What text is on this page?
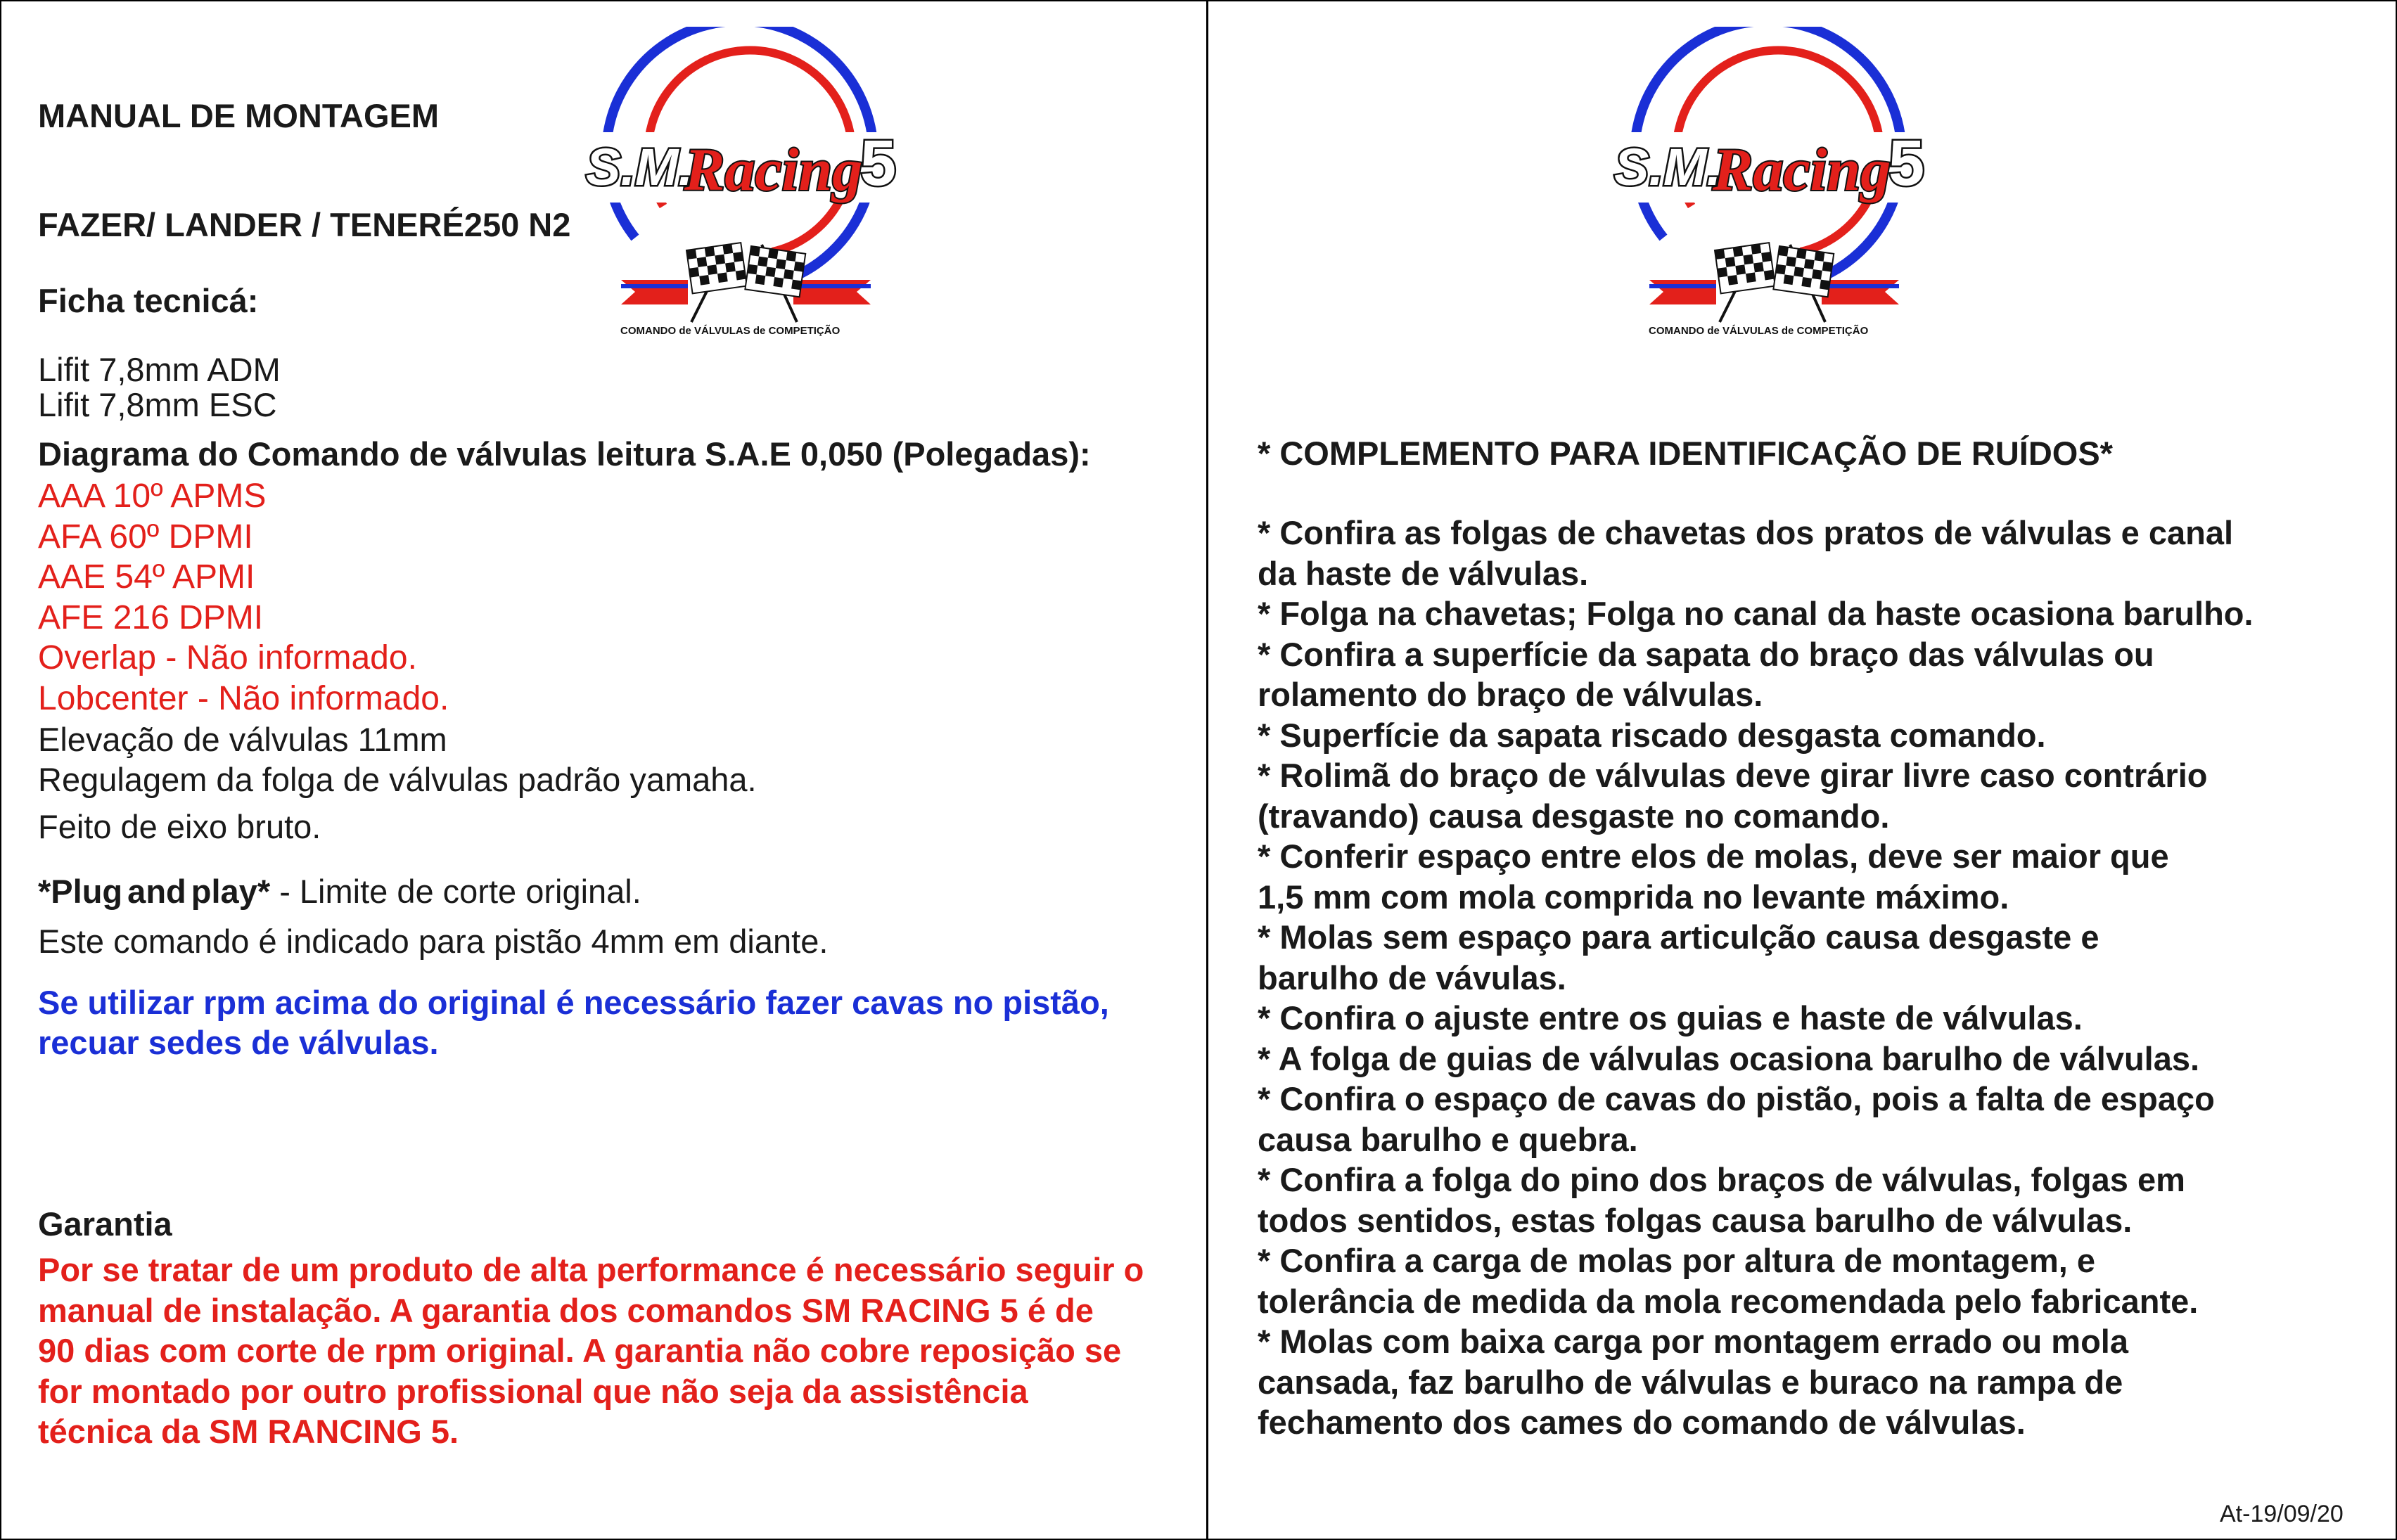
MANUAL DE MONTAGEM

FAZER/ LANDER / TENERÉ250 N2

Ficha tecnicá:

Lifit 7,8mm ADM

Lifit 7,8mm ESC

Diagrama do Comando de válvulas leitura S.A.E 0,050 (Polegadas):

AAA 10º APMS

AFA 60º DPMI

AAE 54º APMI

AFE 216 DPMI

Overlap - Não informado.

Lobcenter - Não informado.

Elevação de válvulas 11mm

Regulagem da folga de válvulas padrão yamaha.

Feito de eixo bruto.

*Plug and play* - Limite de corte original.

Este comando é indicado para pistão 4mm em diante.

Se utilizar rpm acima do original é necessário fazer cavas no pistão,

recuar sedes de válvulas.

Garantia

Por se tratar de um produto de alta performance é necessário seguir o
manual de instalação. A garantia dos comandos SM RACING 5 é de
90 dias com corte de rpm original. A garantia não cobre reposição se
for montado por outro profissional que não seja da assistência
técnica da SM RANCING 5.
S.M.
Racing
5
COMANDO de VÁLVULAS de COMPETIÇÃO
S.M.
Racing
5
COMANDO de VÁLVULAS de COMPETIÇÃO

* COMPLEMENTO PARA IDENTIFICAÇÃO DE RUÍDOS*

* Confira as folgas de chavetas dos pratos de válvulas e canal
da haste de válvulas.
* Folga na chavetas; Folga no canal da haste ocasiona barulho.
* Confira a superfície da sapata do braço das válvulas ou
rolamento do braço de válvulas.
* Superfície da sapata riscado desgasta comando.
* Rolimã do braço de válvulas deve girar livre caso contrário
(travando) causa desgaste no comando.
* Conferir espaço entre elos de molas, deve ser maior que
1,5 mm com mola comprida no levante máximo.
* Molas sem espaço para articulção causa desgaste e
barulho de vávulas.
* Confira o ajuste entre os guias e haste de válvulas.
* A folga de guias de válvulas ocasiona barulho de válvulas.
* Confira o espaço de cavas do pistão, pois a falta de espaço
causa barulho e quebra.
* Confira a folga do pino dos braços de válvulas, folgas em
todos sentidos, estas folgas causa barulho de válvulas.
* Confira a carga de molas por altura de montagem, e
tolerância de medida da mola recomendada pelo fabricante.
* Molas com baixa carga por montagem errado ou mola
cansada, faz barulho de válvulas e buraco na rampa de
fechamento dos cames do comando de válvulas.

At-19/09/20
